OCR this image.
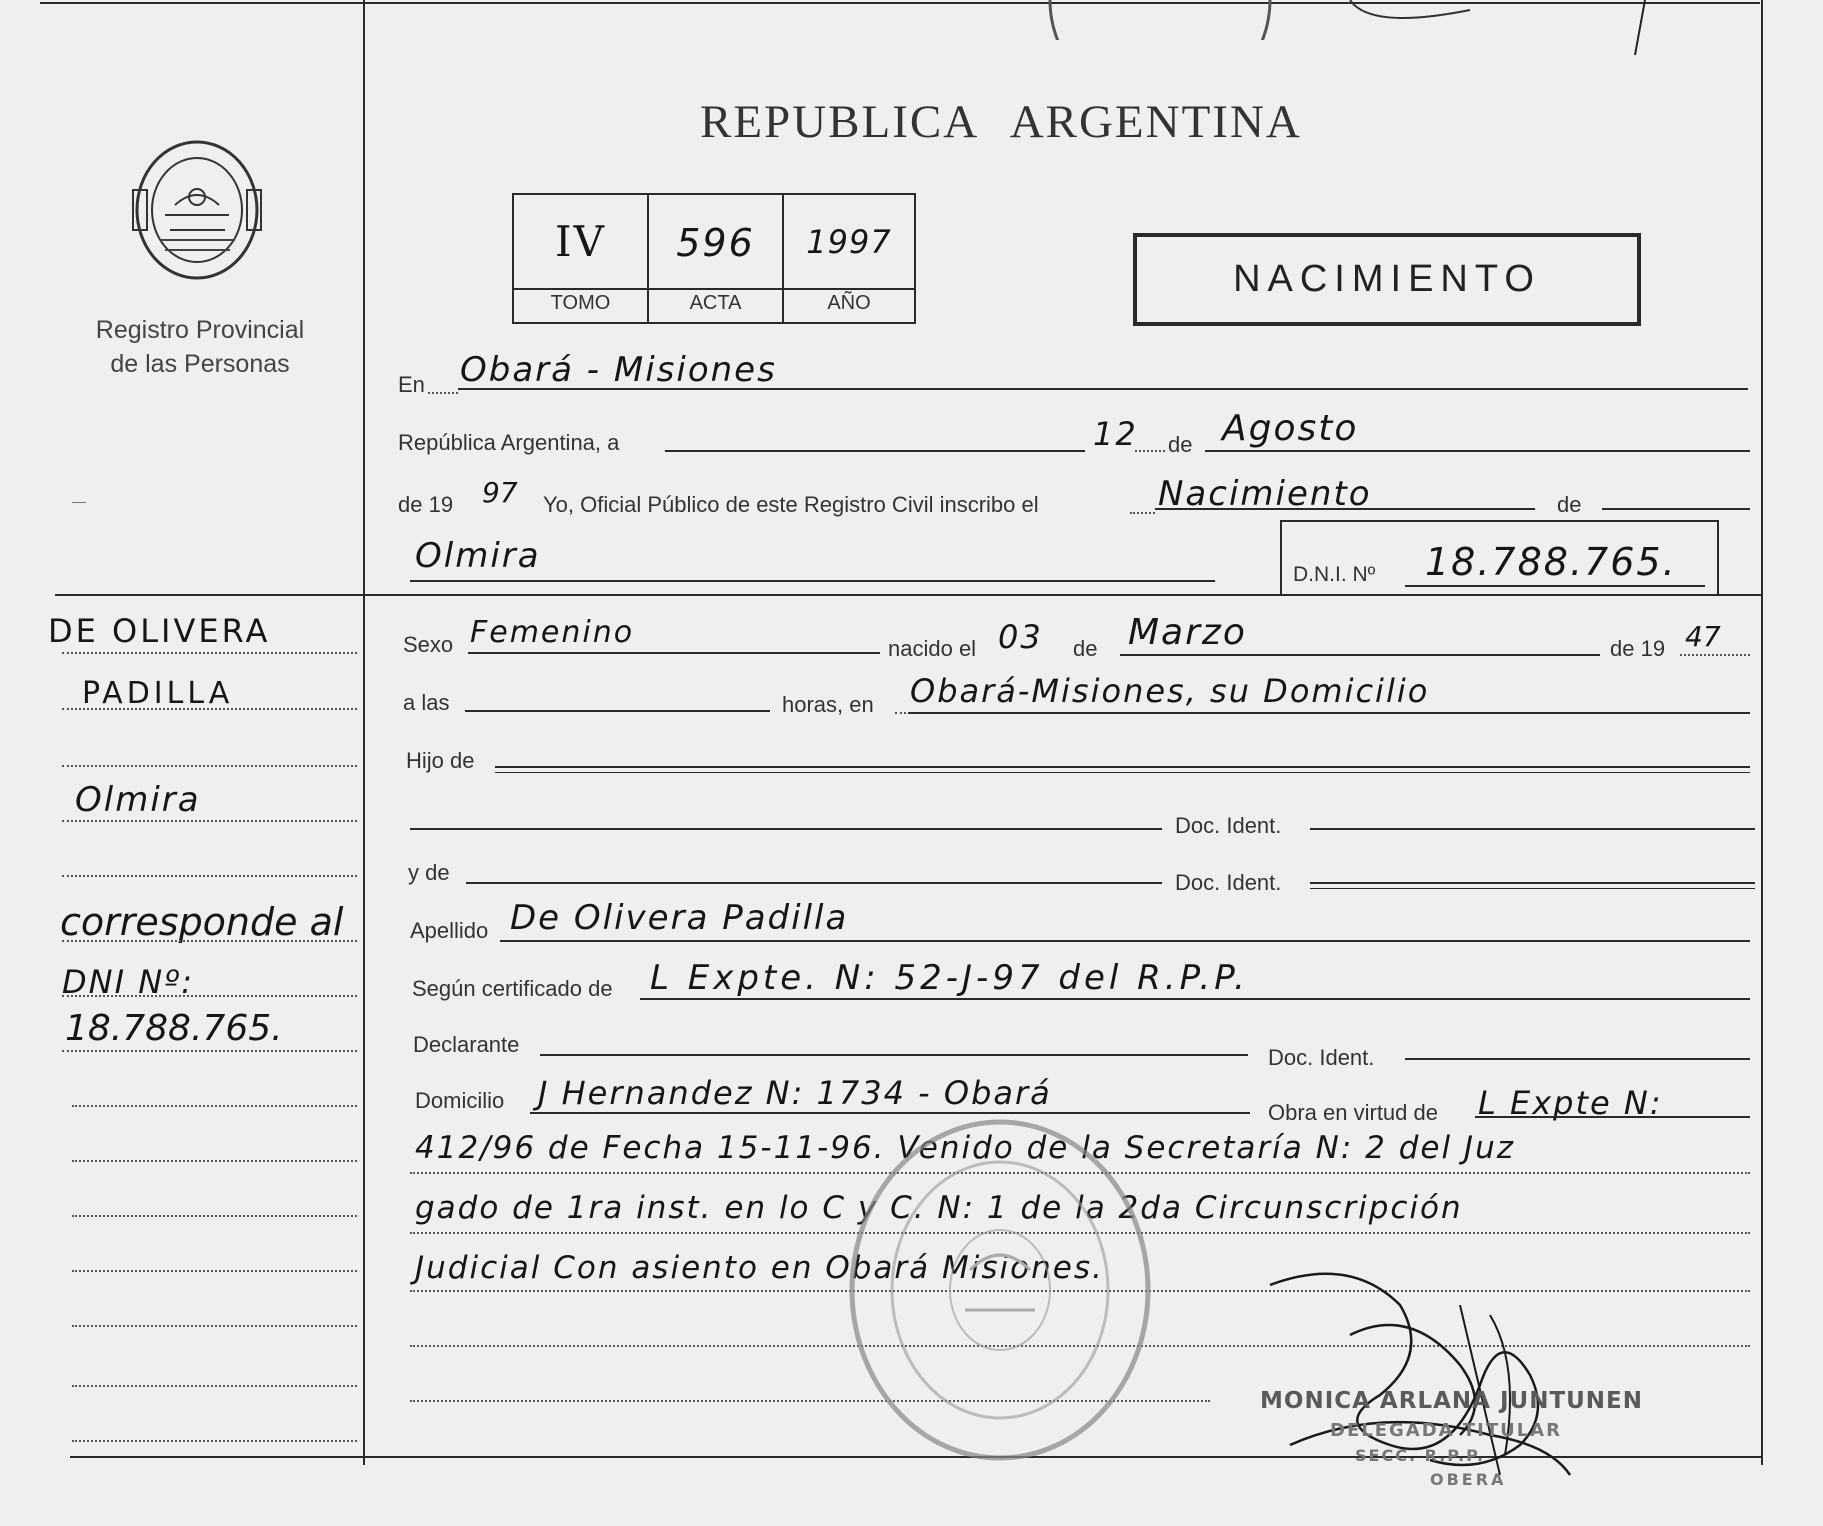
Registro Provincial
de las Personas
REPUBLICA ARGENTINA
IV	596	1997
TOMO	ACTA	AÑO
NACIMIENTO
En Obará - Misiones
República Argentina, a	12 de Agosto
de 19 97 Yo, Oficial Público de este Registro Civil inscribo el	Nacimiento	de
Olmira	D.N.I. Nº 18.788.765.
DE OLIVERA
PADILLA
Olmira
corresponde al
DNI Nº:
18.788.765.
Sexo Femenino	nacido el 03 de Marzo	de 19 47
a las	horas, en Obará-Misiones, su Domicilio
Hijo de
Doc. Ident.
y de	Doc. Ident.
Apellido De Olivera Padilla
Según certificado de L Expte. N: 52-J-97 del R.P.P.
Declarante
Doc. Ident.
Domicilio J Hernandez N: 1734 - Obará
Obra en virtud de L Expte N:
412/96 de Fecha 15-11-96. Venido de la Secretaría N: 2 del Juz
gado de 1ra inst. en lo C y C. N: 1 de la 2da Circunscripción
Judicial Con asiento en Obará Misiones.
MONICA ARLANA JUNTUNEN
DELEGADA TITULAR
SECC. R.P.P.
OBERA
